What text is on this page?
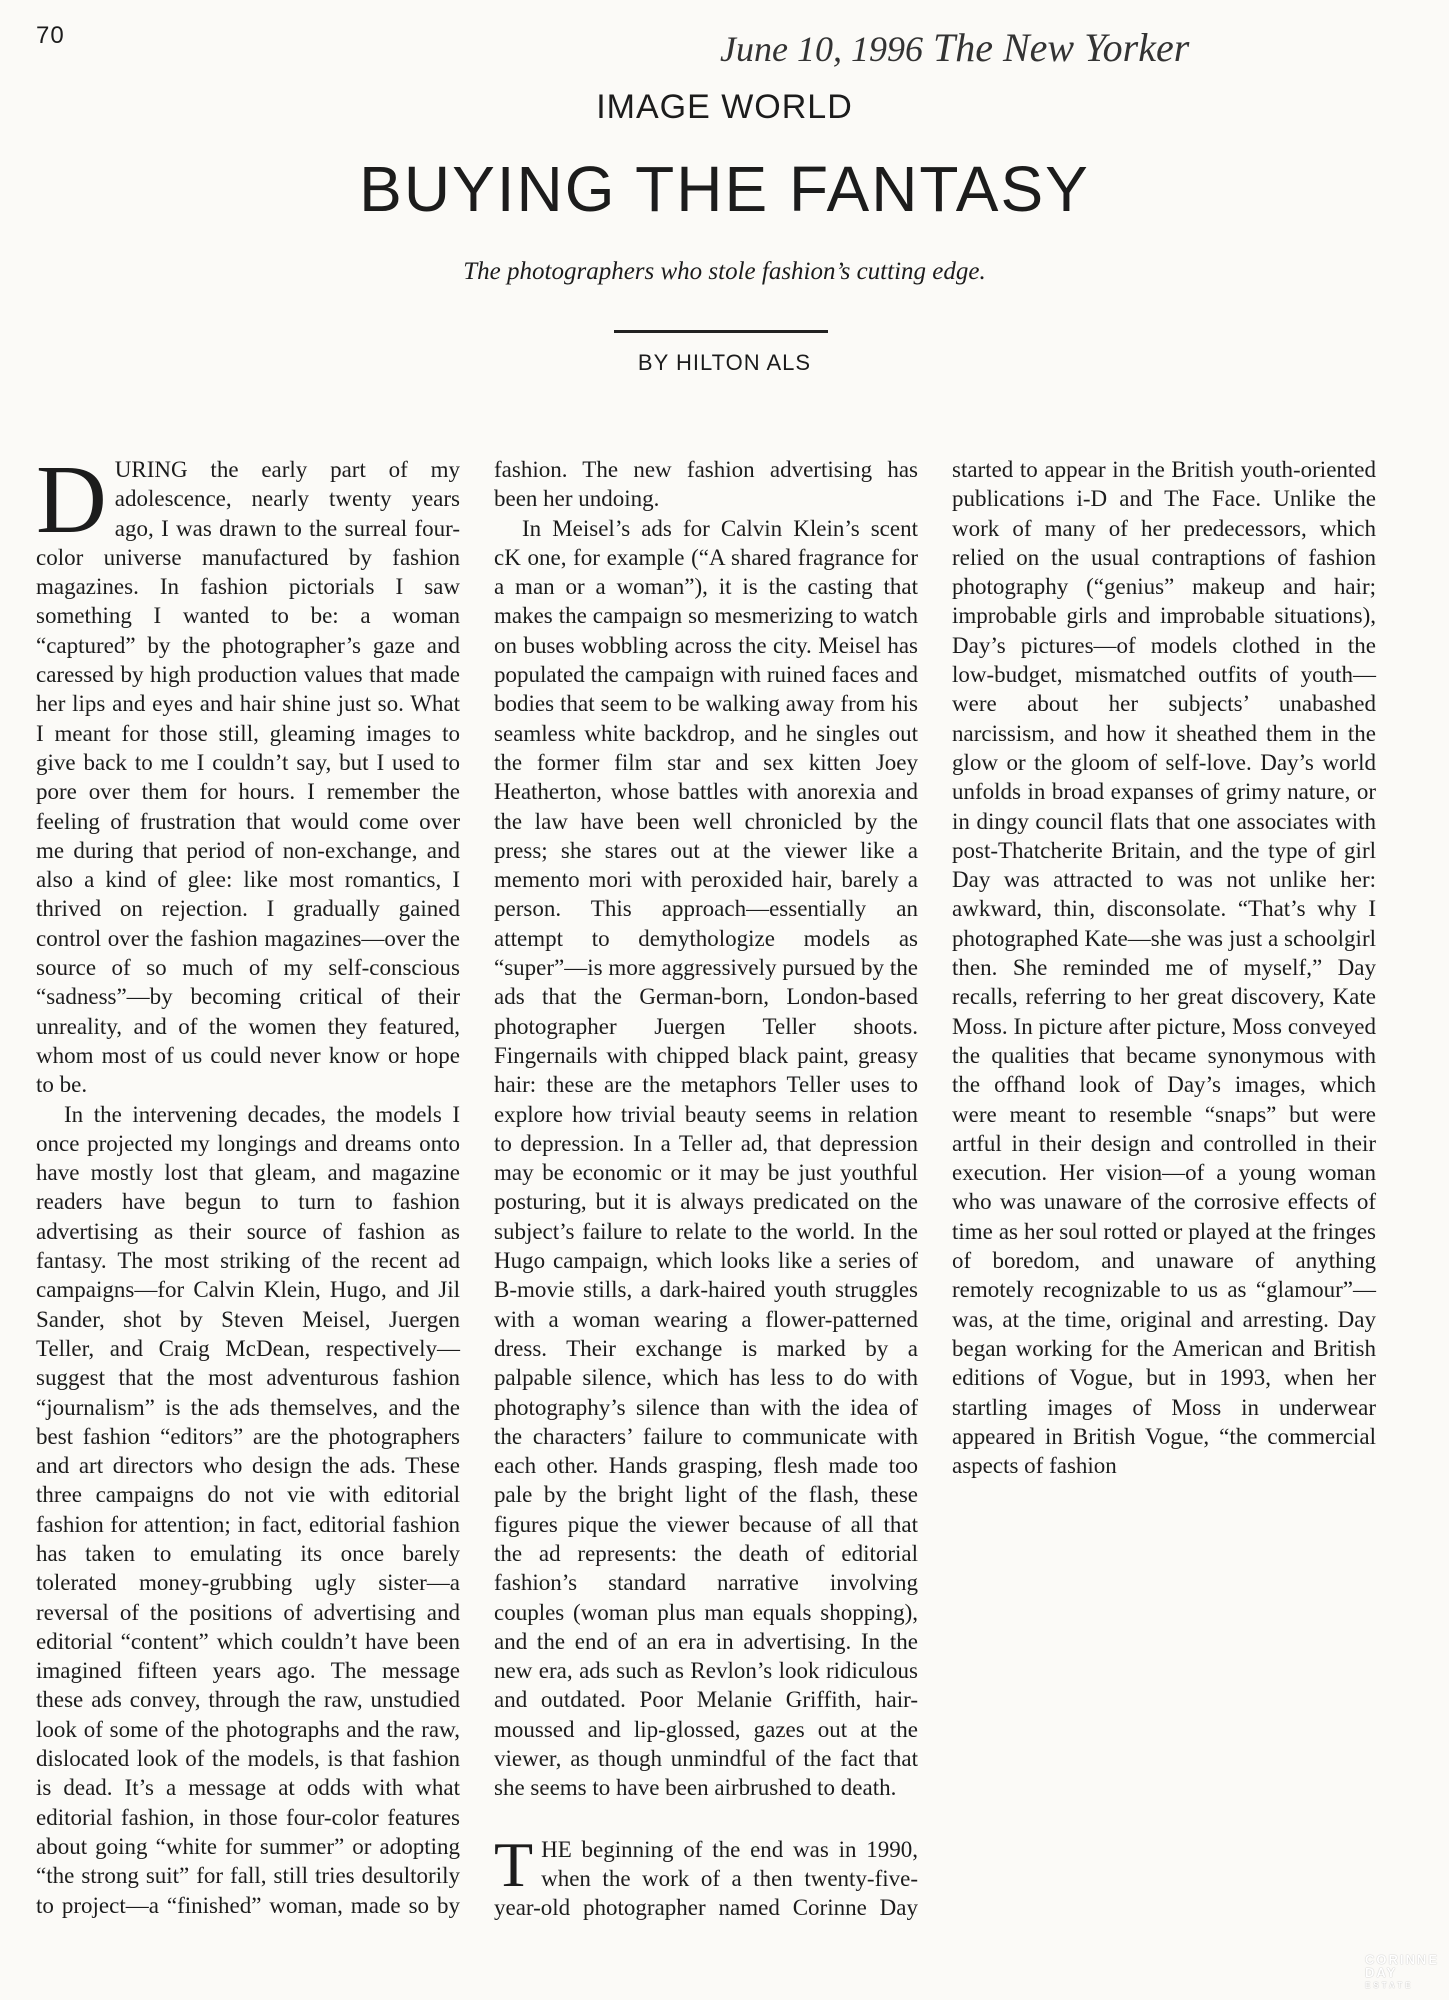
70	June 10, 1996 The New Yorker
IMAGE WORLD
BUYING THE FANTASY
The photographers who stole fashion’s cutting edge.
BY HILTON ALS

DURING the early part of my adolescence, nearly twenty years ago, I was drawn to the surreal four-color universe manufactured by fashion magazines. In fashion pictorials I saw something I wanted to be: a woman “captured” by the photographer’s gaze and caressed by high production values that made her lips and eyes and hair shine just so. What I meant for those still, gleaming images to give back to me I couldn’t say, but I used to pore over them for hours. I remember the feeling of frustration that would come over me during that period of non-exchange, and also a kind of glee: like most romantics, I thrived on rejection. I gradually gained control over the fashion magazines—over the source of so much of my self-conscious “sadness”—by becoming critical of their unreality, and of the women they featured, whom most of us could never know or hope to be.

In the intervening decades, the models I once projected my longings and dreams onto have mostly lost that gleam, and magazine readers have begun to turn to fashion advertising as their source of fashion as fantasy. The most striking of the recent ad campaigns—for Calvin Klein, Hugo, and Jil Sander, shot by Steven Meisel, Juergen Teller, and Craig McDean, respectively—suggest that the most adventurous fashion “journalism” is the ads themselves, and the best fashion “editors” are the photographers and art directors who design the ads. These three campaigns do not vie with editorial fashion for attention; in fact, editorial fashion has taken to emulating its once barely tolerated money-grubbing ugly sister—a reversal of the positions of advertising and editorial “content” which couldn’t have been imagined fifteen years ago. The message these ads convey, through the raw, unstudied look of some of the photographs and the raw, dislocated look of the models, is that fashion is dead. It’s a message at odds with what editorial fashion, in those four-color features about going “white for summer” or adopting “the strong suit” for fall, still tries desultorily to project—a “finished” woman, made so by fashion. The new fashion advertising has been her undoing.

In Meisel’s ads for Calvin Klein’s scent cK one, for example (“A shared fragrance for a man or a woman”), it is the casting that makes the campaign so mesmerizing to watch on buses wobbling across the city. Meisel has populated the campaign with ruined faces and bodies that seem to be walking away from his seamless white backdrop, and he singles out the former film star and sex kitten Joey Heatherton, whose battles with anorexia and the law have been well chronicled by the press; she stares out at the viewer like a memento mori with peroxided hair, barely a person. This approach—essentially an attempt to demythologize models as “super”—is more aggressively pursued by the ads that the German-born, London-based photographer Juergen Teller shoots. Fingernails with chipped black paint, greasy hair: these are the metaphors Teller uses to explore how trivial beauty seems in relation to depression. In a Teller ad, that depression may be economic or it may be just youthful posturing, but it is always predicated on the subject’s failure to relate to the world. In the Hugo campaign, which looks like a series of B-movie stills, a dark-haired youth struggles with a woman wearing a flower-patterned dress. Their exchange is marked by a palpable silence, which has less to do with photography’s silence than with the idea of the characters’ failure to communicate with each other. Hands grasping, flesh made too pale by the bright light of the flash, these figures pique the viewer because of all that the ad represents: the death of editorial fashion’s standard narrative involving couples (woman plus man equals shopping), and the end of an era in advertising. In the new era, ads such as Revlon’s look ridiculous and outdated. Poor Melanie Griffith, hair-moussed and lip-glossed, gazes out at the viewer, as though unmindful of the fact that she seems to have been airbrushed to death.

THE beginning of the end was in 1990, when the work of a then twenty-five-year-old photographer named Corinne Day started to appear in the British youth-oriented publications i-D and The Face. Unlike the work of many of her predecessors, which relied on the usual contraptions of fashion photography (“genius” makeup and hair; improbable girls and improbable situations), Day’s pictures—of models clothed in the low-budget, mismatched outfits of youth—were about her subjects’ unabashed narcissism, and how it sheathed them in the glow or the gloom of self-love. Day’s world unfolds in broad expanses of grimy nature, or in dingy council flats that one associates with post-Thatcherite Britain, and the type of girl Day was attracted to was not unlike her: awkward, thin, disconsolate. “That’s why I photographed Kate—she was just a schoolgirl then. She reminded me of myself,” Day recalls, referring to her great discovery, Kate Moss. In picture after picture, Moss conveyed the qualities that became synonymous with the offhand look of Day’s images, which were meant to resemble “snaps” but were artful in their design and controlled in their execution. Her vision—of a young woman who was unaware of the corrosive effects of time as her soul rotted or played at the fringes of boredom, and unaware of anything remotely recognizable to us as “glamour”—was, at the time, original and arresting. Day began working for the American and British editions of Vogue, but in 1993, when her startling images of Moss in underwear appeared in British Vogue, “the commercial aspects of fashion

CORINNE
DAY
ESTATE
